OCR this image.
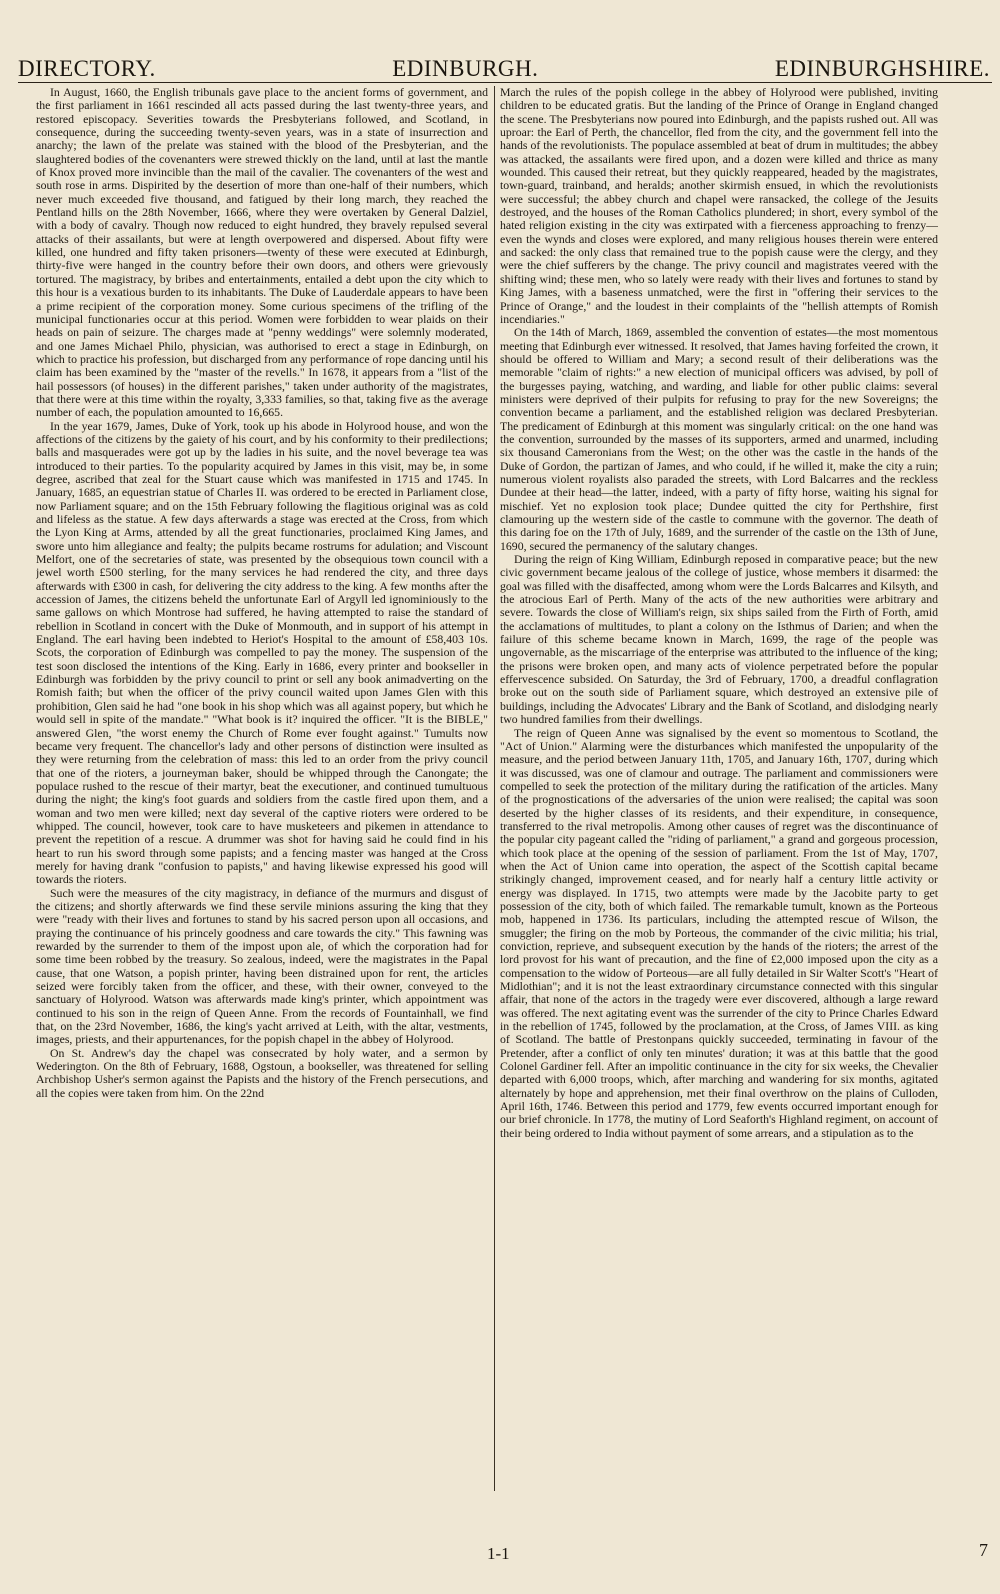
DIRECTORY.	EDINBURGH.	EDINBURGHSHIRE.

In August, 1660, the English tribunals gave place to the ancient forms of government, and the first parliament in 1661 rescinded all acts passed during the last twenty-three years, and restored episcopacy. Severities towards the Presbyterians followed, and Scotland, in consequence, during the succeeding twenty-seven years, was in a state of insurrection and anarchy; the lawn of the prelate was stained with the blood of the Presbyterian, and the slaughtered bodies of the covenanters were strewed thickly on the land, until at last the mantle of Knox proved more invincible than the mail of the cavalier. The covenanters of the west and south rose in arms. Dispirited by the desertion of more than one-half of their numbers, which never much exceeded five thousand, and fatigued by their long march, they reached the Pentland hills on the 28th November, 1666, where they were overtaken by General Dalziel, with a body of cavalry. Though now reduced to eight hundred, they bravely repulsed several attacks of their assailants, but were at length overpowered and dispersed. About fifty were killed, one hundred and fifty taken prisoners—twenty of these were executed at Edinburgh, thirty-five were hanged in the country before their own doors, and others were grievously tortured. The magistracy, by bribes and entertainments, entailed a debt upon the city which to this hour is a vexatious burden to its inhabitants. The Duke of Lauderdale appears to have been a prime recipient of the corporation money. Some curious specimens of the trifling of the municipal functionaries occur at this period. Women were forbidden to wear plaids on their heads on pain of seizure. The charges made at "penny weddings" were solemnly moderated, and one James Michael Philo, physician, was authorised to erect a stage in Edinburgh, on which to practice his profession, but discharged from any performance of rope dancing until his claim has been examined by the "master of the revells." In 1678, it appears from a "list of the hail possessors (of houses) in the different parishes," taken under authority of the magistrates, that there were at this time within the royalty, 3,333 families, so that, taking five as the average number of each, the population amounted to 16,665.

In the year 1679, James, Duke of York, took up his abode in Holyrood house, and won the affections of the citizens by the gaiety of his court, and by his conformity to their predilections; balls and masquerades were got up by the ladies in his suite, and the novel beverage tea was introduced to their parties. To the popularity acquired by James in this visit, may be, in some degree, ascribed that zeal for the Stuart cause which was manifested in 1715 and 1745. In January, 1685, an equestrian statue of Charles II. was ordered to be erected in Parliament close, now Parliament square; and on the 15th February following the flagitious original was as cold and lifeless as the statue. A few days afterwards a stage was erected at the Cross, from which the Lyon King at Arms, attended by all the great functionaries, proclaimed King James, and swore unto him allegiance and fealty; the pulpits became rostrums for adulation; and Viscount Melfort, one of the secretaries of state, was presented by the obsequious town council with a jewel worth £500 sterling, for the many services he had rendered the city, and three days afterwards with £300 in cash, for delivering the city address to the king. A few months after the accession of James, the citizens beheld the unfortunate Earl of Argyll led ignominiously to the same gallows on which Montrose had suffered, he having attempted to raise the standard of rebellion in Scotland in concert with the Duke of Monmouth, and in support of his attempt in England. The earl having been indebted to Heriot's Hospital to the amount of £58,403 10s. Scots, the corporation of Edinburgh was compelled to pay the money. The suspension of the test soon disclosed the intentions of the King. Early in 1686, every printer and bookseller in Edinburgh was forbidden by the privy council to print or sell any book animadverting on the Romish faith; but when the officer of the privy council waited upon James Glen with this prohibition, Glen said he had "one book in his shop which was all against popery, but which he would sell in spite of the mandate." "What book is it? inquired the officer. "It is the BIBLE," answered Glen, "the worst enemy the Church of Rome ever fought against." Tumults now became very frequent. The chancellor's lady and other persons of distinction were insulted as they were returning from the celebration of mass: this led to an order from the privy council that one of the rioters, a journeyman baker, should be whipped through the Canongate; the populace rushed to the rescue of their martyr, beat the executioner, and continued tumultuous during the night; the king's foot guards and soldiers from the castle fired upon them, and a woman and two men were killed; next day several of the captive rioters were ordered to be whipped. The council, however, took care to have musketeers and pikemen in attendance to prevent the repetition of a rescue. A drummer was shot for having said he could find in his heart to run his sword through some papists; and a fencing master was hanged at the Cross merely for having drank "confusion to papists," and having likewise expressed his good will towards the rioters.

Such were the measures of the city magistracy, in defiance of the murmurs and disgust of the citizens; and shortly afterwards we find these servile minions assuring the king that they were "ready with their lives and fortunes to stand by his sacred person upon all occasions, and praying the continuance of his princely goodness and care towards the city." This fawning was rewarded by the surrender to them of the impost upon ale, of which the corporation had for some time been robbed by the treasury. So zealous, indeed, were the magistrates in the Papal cause, that one Watson, a popish printer, having been distrained upon for rent, the articles seized were forcibly taken from the officer, and these, with their owner, conveyed to the sanctuary of Holyrood. Watson was afterwards made king's printer, which appointment was continued to his son in the reign of Queen Anne. From the records of Fountainhall, we find that, on the 23rd November, 1686, the king's yacht arrived at Leith, with the altar, vestments, images, priests, and their appurtenances, for the popish chapel in the abbey of Holyrood.

On St. Andrew's day the chapel was consecrated by holy water, and a sermon by Wederington. On the 8th of February, 1688, Ogstoun, a bookseller, was threatened for selling Archbishop Usher's sermon against the Papists and the history of the French persecutions, and all the copies were taken from him. On the 22nd

March the rules of the popish college in the abbey of Holyrood were published, inviting children to be educated gratis. But the landing of the Prince of Orange in England changed the scene. The Presbyterians now poured into Edinburgh, and the papists rushed out. All was uproar: the Earl of Perth, the chancellor, fled from the city, and the government fell into the hands of the revolutionists. The populace assembled at beat of drum in multitudes; the abbey was attacked, the assailants were fired upon, and a dozen were killed and thrice as many wounded. This caused their retreat, but they quickly reappeared, headed by the magistrates, town-guard, trainband, and heralds; another skirmish ensued, in which the revolutionists were successful; the abbey church and chapel were ransacked, the college of the Jesuits destroyed, and the houses of the Roman Catholics plundered; in short, every symbol of the hated religion existing in the city was extirpated with a fierceness approaching to frenzy—even the wynds and closes were explored, and many religious houses therein were entered and sacked: the only class that remained true to the popish cause were the clergy, and they were the chief sufferers by the change. The privy council and magistrates veered with the shifting wind; these men, who so lately were ready with their lives and fortunes to stand by King James, with a baseness unmatched, were the first in "offering their services to the Prince of Orange," and the loudest in their complaints of the "hellish attempts of Romish incendiaries."

On the 14th of March, 1869, assembled the convention of estates—the most momentous meeting that Edinburgh ever witnessed. It resolved, that James having forfeited the crown, it should be offered to William and Mary; a second result of their deliberations was the memorable "claim of rights:" a new election of municipal officers was advised, by poll of the burgesses paying, watching, and warding, and liable for other public claims: several ministers were deprived of their pulpits for refusing to pray for the new Sovereigns; the convention became a parliament, and the established religion was declared Presbyterian. The predicament of Edinburgh at this moment was singularly critical: on the one hand was the convention, surrounded by the masses of its supporters, armed and unarmed, including six thousand Cameronians from the West; on the other was the castle in the hands of the Duke of Gordon, the partizan of James, and who could, if he willed it, make the city a ruin; numerous violent royalists also paraded the streets, with Lord Balcarres and the reckless Dundee at their head—the latter, indeed, with a party of fifty horse, waiting his signal for mischief. Yet no explosion took place; Dundee quitted the city for Perthshire, first clamouring up the western side of the castle to commune with the governor. The death of this daring foe on the 17th of July, 1689, and the surrender of the castle on the 13th of June, 1690, secured the permanency of the salutary changes.

During the reign of King William, Edinburgh reposed in comparative peace; but the new civic government became jealous of the college of justice, whose members it disarmed: the goal was filled with the disaffected, among whom were the Lords Balcarres and Kilsyth, and the atrocious Earl of Perth. Many of the acts of the new authorities were arbitrary and severe. Towards the close of William's reign, six ships sailed from the Firth of Forth, amid the acclamations of multitudes, to plant a colony on the Isthmus of Darien; and when the failure of this scheme became known in March, 1699, the rage of the people was ungovernable, as the miscarriage of the enterprise was attributed to the influence of the king; the prisons were broken open, and many acts of violence perpetrated before the popular effervescence subsided. On Saturday, the 3rd of February, 1700, a dreadful conflagration broke out on the south side of Parliament square, which destroyed an extensive pile of buildings, including the Advocates' Library and the Bank of Scotland, and dislodging nearly two hundred families from their dwellings.

The reign of Queen Anne was signalised by the event so momentous to Scotland, the "Act of Union." Alarming were the disturbances which manifested the unpopularity of the measure, and the period between January 11th, 1705, and January 16th, 1707, during which it was discussed, was one of clamour and outrage. The parliament and commissioners were compelled to seek the protection of the military during the ratification of the articles. Many of the prognostications of the adversaries of the union were realised; the capital was soon deserted by the higher classes of its residents, and their expenditure, in consequence, transferred to the rival metropolis. Among other causes of regret was the discontinuance of the popular city pageant called the "riding of parliament," a grand and gorgeous procession, which took place at the opening of the session of parliament. From the 1st of May, 1707, when the Act of Union came into operation, the aspect of the Scottish capital became strikingly changed, improvement ceased, and for nearly half a century little activity or energy was displayed. In 1715, two attempts were made by the Jacobite party to get possession of the city, both of which failed. The remarkable tumult, known as the Porteous mob, happened in 1736. Its particulars, including the attempted rescue of Wilson, the smuggler; the firing on the mob by Porteous, the commander of the civic militia; his trial, conviction, reprieve, and subsequent execution by the hands of the rioters; the arrest of the lord provost for his want of precaution, and the fine of £2,000 imposed upon the city as a compensation to the widow of Porteous—are all fully detailed in Sir Walter Scott's "Heart of Midlothian"; and it is not the least extraordinary circumstance connected with this singular affair, that none of the actors in the tragedy were ever discovered, although a large reward was offered. The next agitating event was the surrender of the city to Prince Charles Edward in the rebellion of 1745, followed by the proclamation, at the Cross, of James VIII. as king of Scotland. The battle of Prestonpans quickly succeeded, terminating in favour of the Pretender, after a conflict of only ten minutes' duration; it was at this battle that the good Colonel Gardiner fell. After an impolitic continuance in the city for six weeks, the Chevalier departed with 6,000 troops, which, after marching and wandering for six months, agitated alternately by hope and apprehension, met their final overthrow on the plains of Culloden, April 16th, 1746. Between this period and 1779, few events occurred important enough for our brief chronicle. In 1778, the mutiny of Lord Seaforth's Highland regiment, on account of their being ordered to India without payment of some arrears, and a stipulation as to the

1-1	7
